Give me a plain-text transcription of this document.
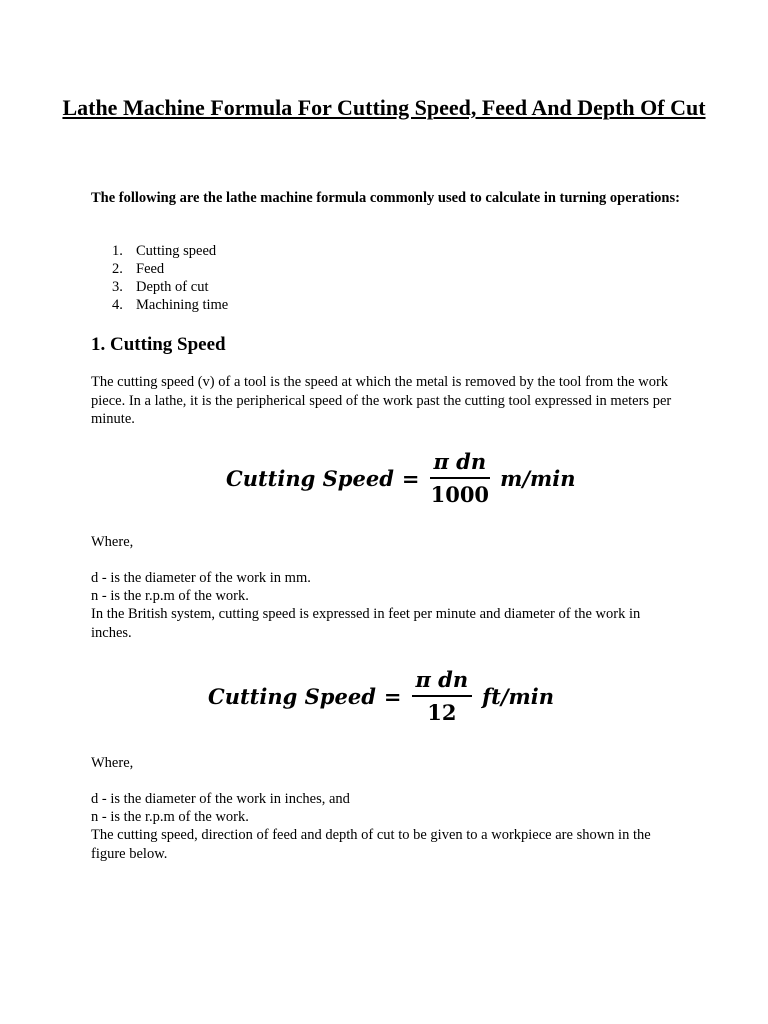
Lathe Machine Formula For Cutting Speed, Feed And Depth Of Cut
The following are the lathe machine formula commonly used to calculate in turning operations:
1. Cutting speed
2. Feed
3. Depth of cut
4. Machining time
1. Cutting Speed
The cutting speed (v) of a tool is the speed at which the metal is removed by the tool from the work piece. In a lathe, it is the peripherical speed of the work past the cutting tool expressed in meters per minute.
Cutting Speed = $\frac{\text{π dn}}{1000} m/\min$
Where,
d - is the diameter of the work in mm.
n - is the r.p.m of the work.
In the British system, cutting speed is expressed in feet per minute and diameter of the work in inches.
Cutting Speed = $\frac{\text{π dn}}{12} ft/\min$
Where,
d - is the diameter of the work in inches, and
n - is the r.p.m of the work.
The cutting speed, direction of feed and depth of cut to be given to a workpiece are shown in the figure below.
